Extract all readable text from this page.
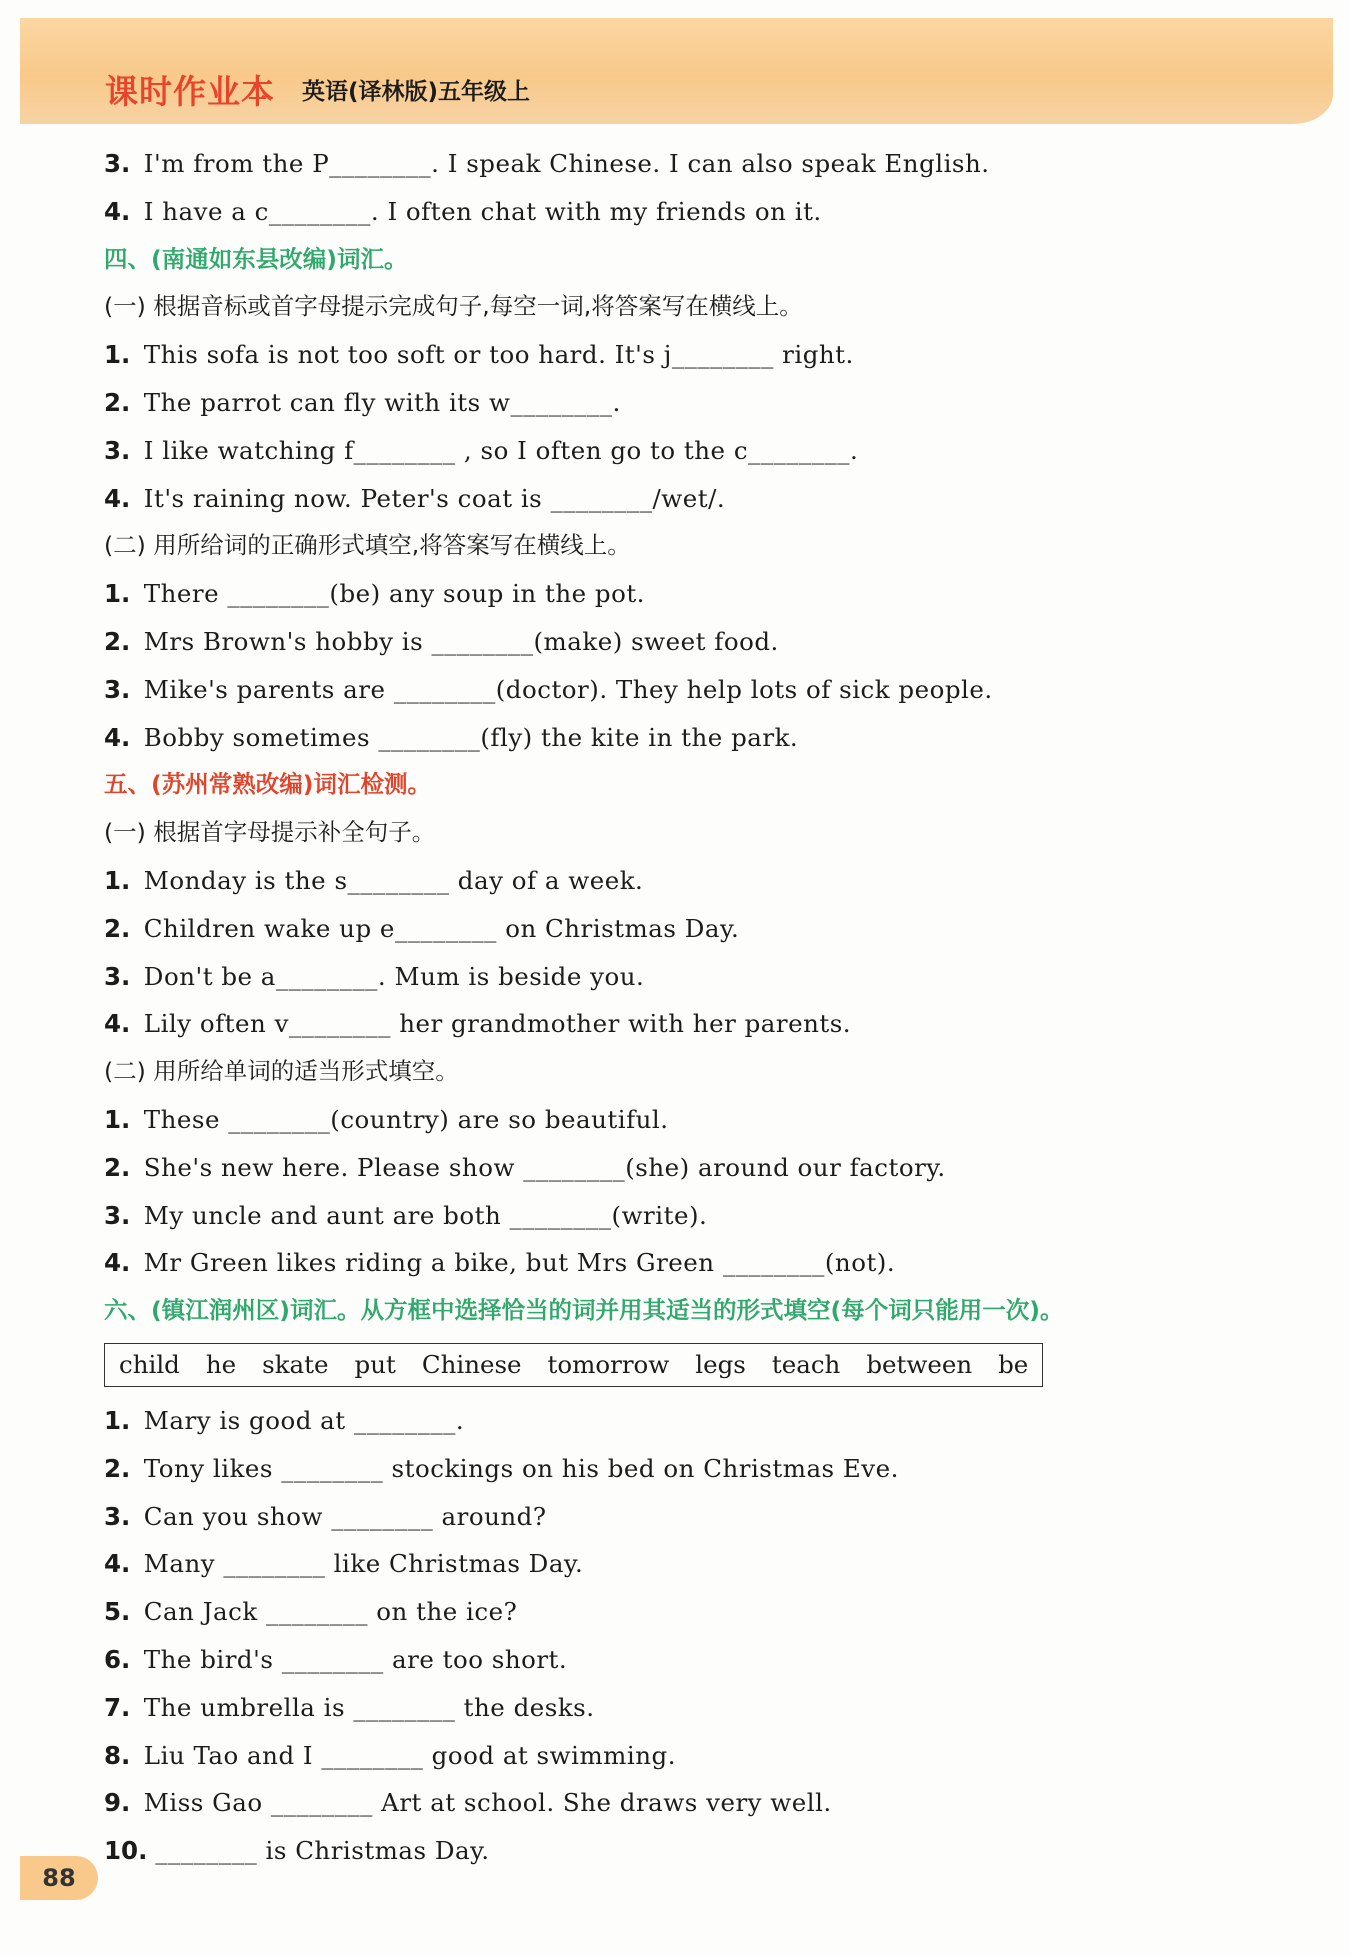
课时作业本 英语(译林版)五年级上
3. I'm from the P________. I speak Chinese. I can also speak English.
4. I have a c________. I often chat with my friends on it.
四、(南通如东县改编)词汇。
(一) 根据音标或首字母提示完成句子,每空一词,将答案写在横线上。
1. This sofa is not too soft or too hard. It's j________ right.
2. The parrot can fly with its w________.
3. I like watching f________ , so I often go to the c________.
4. It's raining now. Peter's coat is ________/wet/.
(二) 用所给词的正确形式填空,将答案写在横线上。
1. There ________(be) any soup in the pot.
2. Mrs Brown's hobby is ________(make) sweet food.
3. Mike's parents are ________(doctor). They help lots of sick people.
4. Bobby sometimes ________(fly) the kite in the park.
五、(苏州常熟改编)词汇检测。
(一) 根据首字母提示补全句子。
1. Monday is the s________ day of a week.
2. Children wake up e________ on Christmas Day.
3. Don't be a________. Mum is beside you.
4. Lily often v________ her grandmother with her parents.
(二) 用所给单词的适当形式填空。
1. These ________(country) are so beautiful.
2. She's new here. Please show ________(she) around our factory.
3. My uncle and aunt are both ________(write).
4. Mr Green likes riding a bike, but Mrs Green ________(not).
六、(镇江润州区)词汇。从方框中选择恰当的词并用其适当的形式填空(每个词只能用一次)。
child he skate put Chinese tomorrow legs teach between be
1. Mary is good at ________.
2. Tony likes ________ stockings on his bed on Christmas Eve.
3. Can you show ________ around?
4. Many ________ like Christmas Day.
5. Can Jack ________ on the ice?
6. The bird's ________ are too short.
7. The umbrella is ________ the desks.
8. Liu Tao and I ________ good at swimming.
9. Miss Gao ________ Art at school. She draws very well.
10. ________ is Christmas Day.
88
